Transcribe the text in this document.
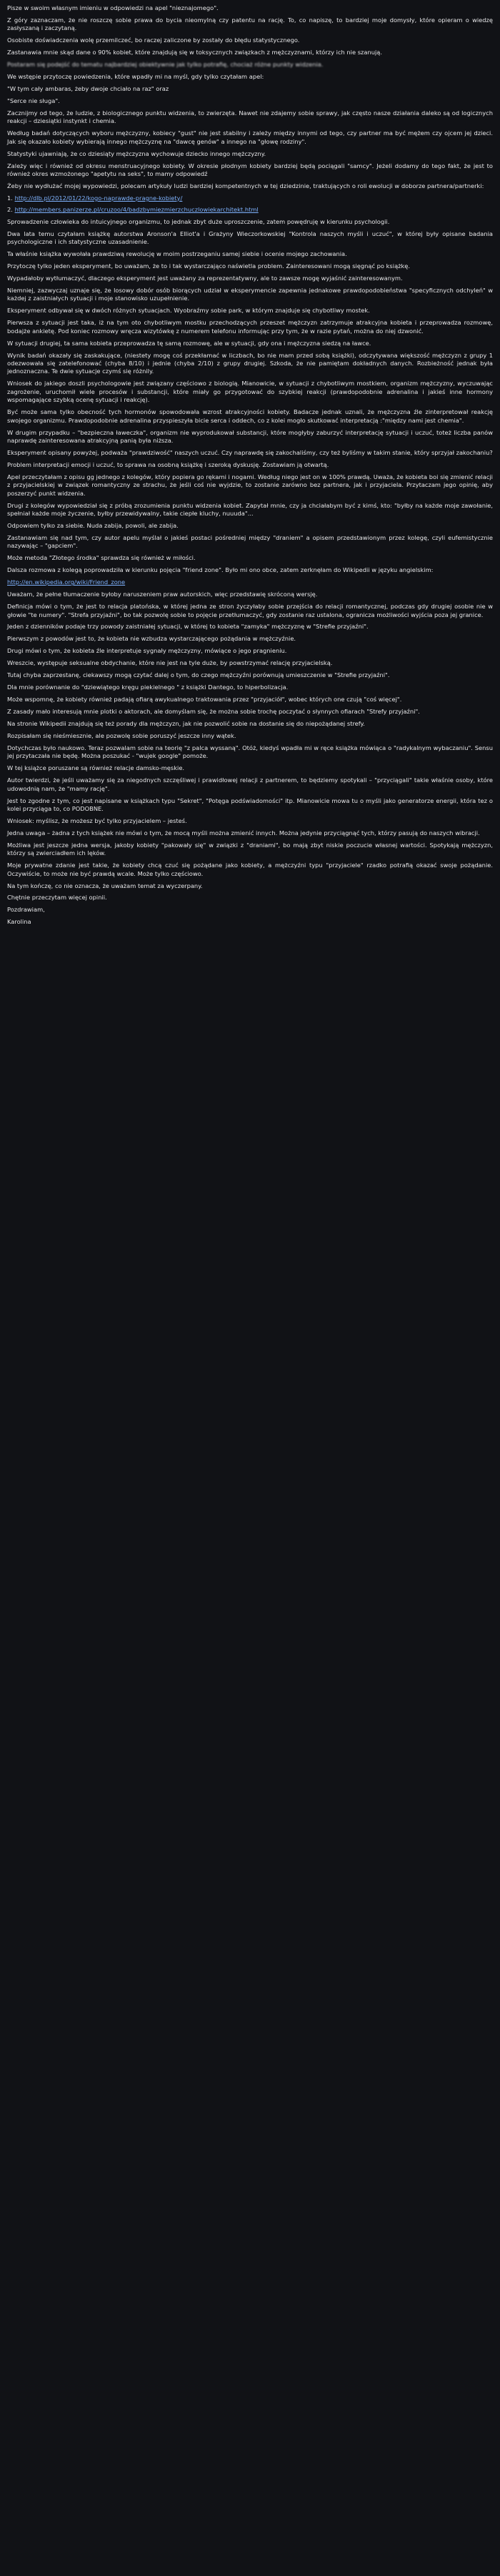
Pisze w swoim własnym imieniu w odpowiedzi na apel "nieznajomego".

Z góry zaznaczam, że nie roszczę sobie prawa do bycia nieomylną czy patentu na rację. To, co napiszę, to bardziej moje domysły, które opieram o wiedzę zasłyszaną i zaczytaną.

Osobiste doświadczenia wolę przemilczeć, bo raczej zaliczone by zostały do błędu statystycznego.

Zastanawia mnie skąd dane o 90% kobiet, które znajdują się w toksycznych związkach z mężczyznami, którzy ich nie szanują.

Postaram się podejść do tematu najbardziej obiektywnie jak tylko potrafię, chociaż różne punkty widzenia.

We wstępie przytoczę powiedzenia, które wpadły mi na myśl, gdy tylko czytałam apel:

"W tym cały ambaras, żeby dwoje chciało na raz" oraz

"Serce nie sługa".

Zacznijmy od tego, że ludzie, z biologicznego punktu widzenia, to zwierzęta. Nawet nie zdajemy sobie sprawy, jak często nasze działania daleko są od logicznych reakcji – dziesiątki instynkt i chemia.

Według badań dotyczących wyboru mężczyzny, kobiecy "gust" nie jest stabilny i zależy między innymi od tego, czy partner ma być mężem czy ojcem jej dzieci. Jak się okazało kobiety wybierają innego mężczyznę na "dawcę genów" a innego na "głowę rodziny".

Statystyki ujawniają, że co dziesiąty mężczyzna wychowuje dziecko innego mężczyzny.

Zależy więc i również od okresu menstruacyjnego kobiety. W okresie płodnym kobiety bardziej będą pociągali "samcy". Jeżeli dodamy do tego fakt, że jest to również okres wzmożonego "apetytu na seks", to mamy odpowiedź

Żeby nie wydłużać mojej wypowiedzi, polecam artykuły ludzi bardziej kompetentnych w tej dziedzinie, traktujących o roli ewolucji w doborze partnera/partnerki:

1. http://dlb.pl/2012/01/22/kogo-naprawde-pragne-kobiety/
2. http://members.panizerze.pl/cruzoo/4/badzbymiezmierzchuczlowiekarchitekt.html

Sprowadzenie człowieka do intuicyjnego organizmu, to jednak zbyt duże uproszczenie, zatem powędruję w kierunku psychologii.

Dwa lata temu czytałam książkę autorstwa Aronson'a Elliot'a i Grażyny Wieczorkowskiej "Kontrola naszych myśli i uczuć", w której były opisane badania psychologiczne i ich statystyczne uzasadnienie.

Ta właśnie książka wywołała prawdziwą rewolucję w moim postrzeganiu samej siebie i ocenie mojego zachowania.

Przytoczę tylko jeden eksperyment, bo uważam, że to i tak wystarczająco naświetla problem. Zainteresowani mogą sięgnąć po książkę.

Wypadałoby wytłumaczyć, dlaczego eksperyment jest uważany za reprezentatywny, ale to zawsze mogę wyjaśnić zainteresowanym.

Niemniej, zazwyczaj uznaje się, że losowy dobór osób biorących udział w eksperymencie zapewnia jednakowe prawdopodobieństwa "specyficznych odchyleń" w każdej z zaistniałych sytuacji i moje stanowisko uzupełnienie.

Eksperyment odbywał się w dwóch różnych sytuacjach. Wyobraźmy sobie park, w którym znajduje się chybotliwy mostek.

Pierwsza z sytuacji jest taka, iż na tym oto chybotliwym mostku przechodzących przeszet mężczyzn zatrzymuje atrakcyjna kobieta i przeprowadza rozmowę, bodajże ankietę. Pod koniec rozmowy wręcza wizytówkę z numerem telefonu informując przy tym, że w razie pytań, można do niej dzwonić.

W sytuacji drugiej, ta sama kobieta przeprowadza tę samą rozmowę, ale w sytuacji, gdy ona i mężczyzna siedzą na ławce.

Wynik badań okazały się zaskakujące, (niestety mogę coś przekłamać w liczbach, bo nie mam przed sobą książki), odczytywana większość mężczyzn z grupy 1 odezwowała się zatelefonować (chyba 8/10) i jednie (chyba 2/10) z grupy drugiej. Szkoda, że nie pamiętam dokładnych danych. Rozbieżność jednak była jednoznaczna. Te dwie sytuacje czymś się różnily.

Wniosek do jakiego doszli psychologowie jest związany częściowo z biologią. Mianowicie, w sytuacji z chybotliwym mostkiem, organizm mężczyzny, wyczuwając zagrożenie, uruchomił wiele procesów i substancji, które miały go przygotować do szybkiej reakcji (prawdopodobnie adrenalina i jakieś inne hormony wspomagające szybką ocenę sytuacji i reakcję).

Być może sama tylko obecność tych hormonów spowodowała wzrost atrakcyjności kobiety. Badacze jednak uznali, że mężczyzna źle zinterpretował reakcję swojego organizmu. Prawdopodobnie adrenalina przyspieszyła bicie serca i oddech, co z kolei mogło skutkować interpretacją :"między nami jest chemia".

W drugim przypadku – "bezpieczna ławeczka", organizm nie wyprodukował substancji, które mogłyby zaburzyć interpretację sytuacji i uczuć, toteż liczba panów naprawdę zainteresowana atrakcyjną panią była niższa.

Eksperyment opisany powyżej, podważa "prawdziwość" naszych uczuć. Czy naprawdę się zakochaliśmy, czy też byliśmy w takim stanie, który sprzyjał zakochaniu?

Problem interpretacji emocji i uczuć, to sprawa na osobną książkę i szeroką dyskusję. Zostawiam ją otwartą.

Apel przeczytałam z opisu gg jednego z kolegów, który popiera go rękami i nogami. Według niego jest on w 100% prawdą. Uważa, że kobieta boi się zmienić relacji z przyjacielskiej w związek romantyczny ze strachu, że jeśli coś nie wyjdzie, to zostanie zarówno bez partnera, jak i przyjaciela. Przytaczam jego opinię, aby poszerzyć punkt widzenia.

Drugi z kolegów wypowiedział się z próbą zrozumienia punktu widzenia kobiet. Zapytał mnie, czy ja chciałabym być z kimś, kto: "byłby na każde moje zawołanie, spełniał każde moje życzenie, byłby przewidywalny, takie ciepłe kluchy, nuuuda"...

Odpowiem tylko za siebie. Nuda zabija, powoli, ale zabija.

Zastanawiam się nad tym, czy autor apelu myślał o jakieś postaci pośredniej między "draniem" a opisem przedstawionym przez kolegę, czyli eufemistycznie nazywając – "gapciem".

Może metoda "Złotego środka" sprawdza się również w miłości.

Dalsza rozmowa z kolegą poprowadziła w kierunku pojęcia "friend zone". Było mi ono obce, zatem zerknęłam do Wikipedii w języku angielskim:

http://en.wikipedia.org/wiki/Friend_zone

Uważam, że pełne tłumaczenie byłoby naruszeniem praw autorskich, więc przedstawię skróconą wersję.

Definicja mówi o tym, że jest to relacja platońska, w której jedna ze stron życzyłaby sobie przejścia do relacji romantycznej, podczas gdy drugiej osobie nie w głowie "te numery". "Strefa przyjaźni", bo tak pozwolę sobie to pojęcie przetłumaczyć, gdy zostanie raz ustalona, ogranicza możliwości wyjścia poza jej granice.

Jeden z dzienników podaje trzy powody zaistniałej sytuacji, w której to kobieta "zamyka" mężczyznę w "Strefie przyjaźni".

Pierwszym z powodów jest to, że kobieta nie wzbudza wystarczającego pożądania w mężczyźnie.

Drugi mówi o tym, że kobieta źle interpretuje sygnały mężczyzny, mówiące o jego pragnieniu.

Wreszcie, występuje seksualne obdychanie, które nie jest na tyle duże, by powstrzymać relację przyjacielską.

Tutaj chyba zaprzestanę, ciekawszy mogą czytać dalej o tym, do czego mężczyźni porównują umieszczenie w "Strefie przyjaźni".

Dla mnie porównanie do "dziewiątego kręgu piekielnego " z książki Dantego, to hiperbolizacja.

Może wspomnę, że kobiety również padają ofiarą awykualnego traktowania przez "przyjaciół", wobec których one czują "coś więcej".

Z zasady mało interesują mnie plotki o aktorach, ale domyślam się, że można sobie trochę poczytać o słynnych ofiarach "Strefy przyjaźni".

Na stronie Wikipedii znajdują się też porady dla mężczyzn, jak nie pozwolić sobie na dostanie się do niepożądanej strefy.

Rozpisałam się nieśmiesznie, ale pozwolę sobie poruszyć jeszcze inny wątek.

Dotychczas było naukowo. Teraz pozwalam sobie na teorię "z palca wyssaną". Otóż, kiedyś wpadła mi w ręce książka mówiąca o "radykalnym wybaczaniu". Sensu jej przytaczała nie będę. Można poszukać - "wujek google" pomoże.

W tej książce poruszane są również relacje damsko-męskie.

Autor twierdzi, że jeśli uważamy się za niegodnych szczęśliwej i prawidłowej relacji z partnerem, to będziemy spotykali – "przyciągali" takie właśnie osoby, które udowodnią nam, że "mamy rację".

Jest to zgodne z tym, co jest napisane w książkach typu "Sekret", "Potęga podświadomości" itp. Mianowicie mowa tu o myśli jako generatorze energii, która tez o kolei przyciąga to, co PODOBNE.

Wniosek: myślisz, że możesz być tylko przyjacielem – jesteś.

Jedna uwaga – żadna z tych książek nie mówi o tym, że mocą myśli można zmienić innych. Można jedynie przyciągnąć tych, którzy pasują do naszych wibracji.

Możliwa jest jeszcze jedna wersja, jakoby kobiety "pakowały się" w związki z "draniami", bo mają zbyt niskie poczucie własnej wartości. Spotykają mężczyzn, którzy są zwierciadłem ich lęków.

Moje prywatne zdanie jest takie, że kobiety chcą czuć się pożądane jako kobiety, a mężczyźni typu "przyjaciele" rzadko potrafią okazać swoje pożądanie. Oczywiście, to może nie być prawdą wcale. Może tylko częściowo.

Na tym kończę, co nie oznacza, że uważam temat za wyczerpany.

Chętnie przeczytam więcej opinii.

Pozdrawiam,

Karolina
